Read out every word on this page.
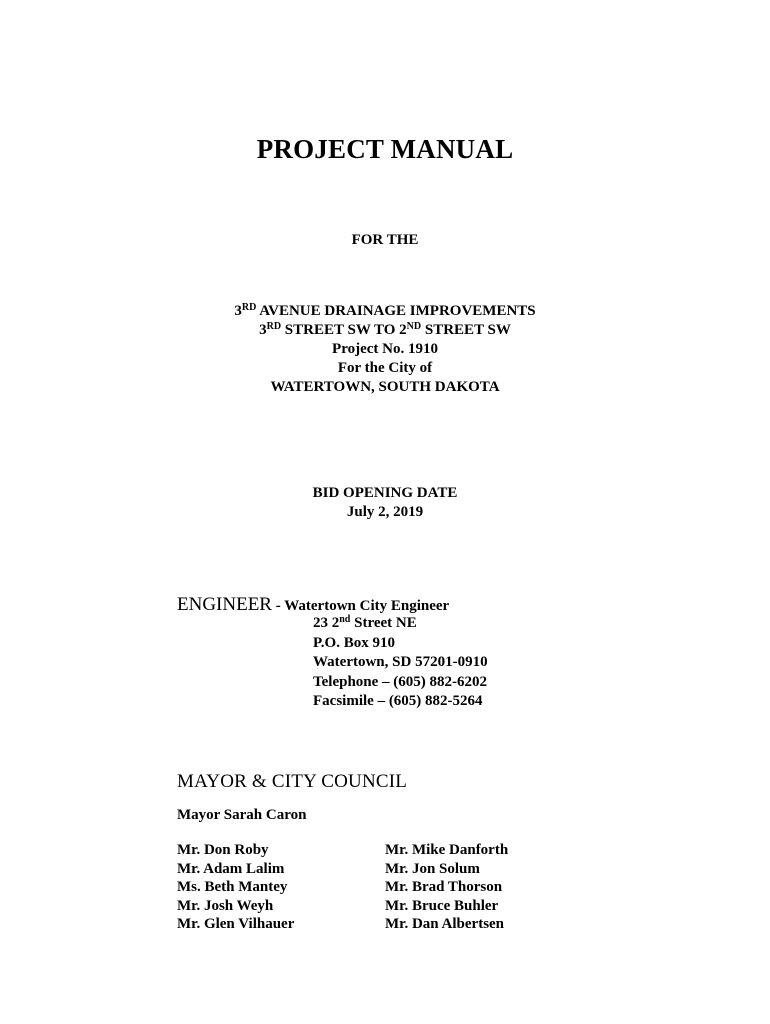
PROJECT MANUAL
FOR THE
3RD AVENUE DRAINAGE IMPROVEMENTS
3RD STREET SW TO 2ND STREET SW
Project No. 1910
For the City of
WATERTOWN, SOUTH DAKOTA
BID OPENING DATE
July 2, 2019
ENGINEER - Watertown City Engineer
23 2nd Street NE
P.O. Box 910
Watertown, SD 57201-0910
Telephone – (605) 882-6202
Facsimile – (605) 882-5264
MAYOR & CITY COUNCIL
Mayor Sarah Caron
Mr. Don Roby
Mr. Adam Lalim
Ms. Beth Mantey
Mr. Josh Weyh
Mr. Glen Vilhauer
Mr. Mike Danforth
Mr. Jon Solum
Mr. Brad Thorson
Mr. Bruce Buhler
Mr. Dan Albertsen
